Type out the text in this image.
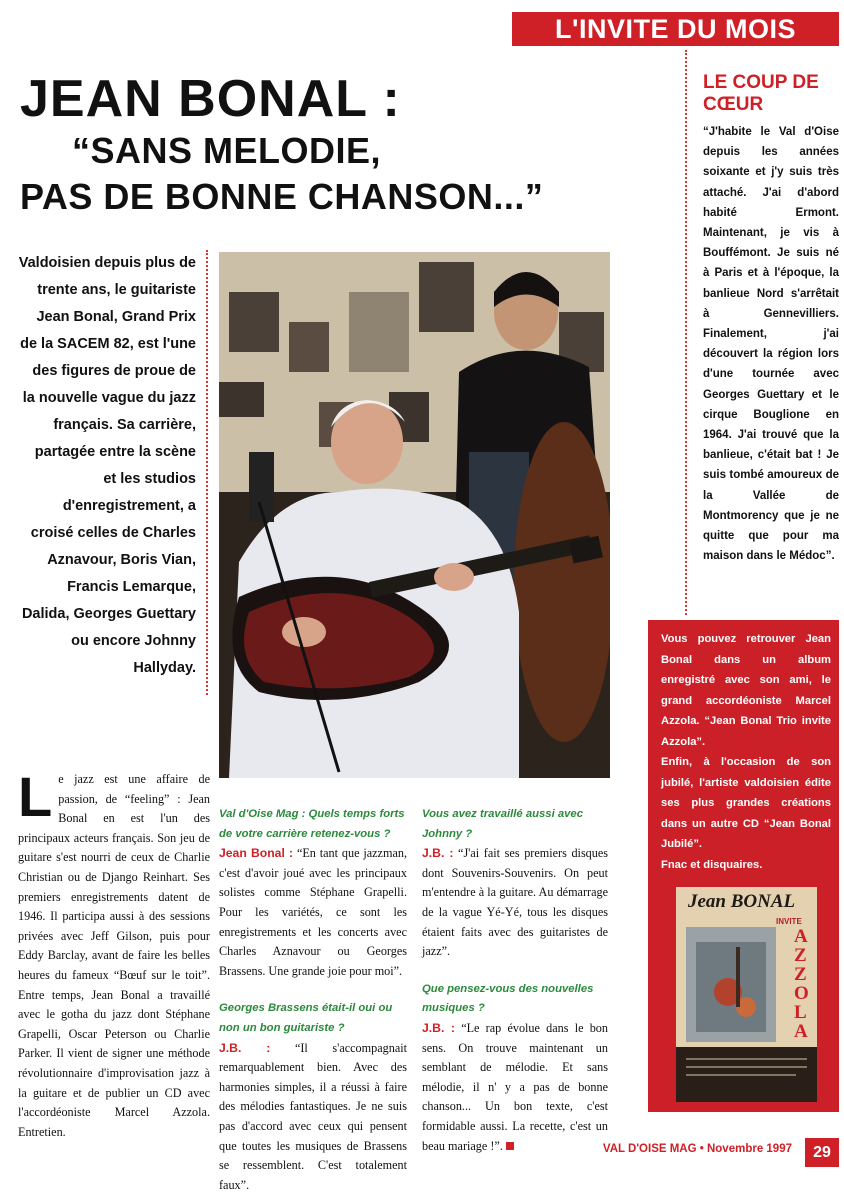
L'INVITE DU MOIS
JEAN BONAL :
“SANS MELODIE,
PAS DE BONNE CHANSON...”
Valdoisien depuis plus de trente ans, le guitariste Jean Bonal, Grand Prix de la SACEM 82, est l'une des figures de proue de la nouvelle vague du jazz français. Sa carrière, partagée entre la scène et les studios d'enregistrement, a croisé celles de Charles Aznavour, Boris Vian, Francis Lemarque, Dalida, Georges Guettary ou encore Johnny Hallyday.
LE COUP DE CŒUR
“J'habite le Val d'Oise depuis les années soixante et j'y suis très attaché. J'ai d'abord habité Ermont. Maintenant, je vis à Bouffémont. Je suis né à Paris et à l'époque, la banlieue Nord s'arrêtait à Gennevilliers. Finalement, j'ai découvert la région lors d'une tournée avec Georges Guettary et le cirque Bouglione en 1964. J'ai trouvé que la banlieue, c'était bat ! Je suis tombé amoureux de la Vallée de Montmorency que je ne quitte que pour ma maison dans le Médoc”.
Vous pouvez retrouver Jean Bonal dans un album enregistré avec son ami, le grand accordéoniste Marcel Azzola. “Jean Bonal Trio invite Azzola”.
Enfin, à l'occasion de son jubilé, l'artiste valdoisien édite ses plus grandes créations dans un autre CD “Jean Bonal Jubilé”.
Fnac et disquaires.
Jean BONAL
INVITE
AZZOLA
L e jazz est une affaire de passion, de “feeling” : Jean Bonal en est l'un des principaux acteurs français. Son jeu de guitare s'est nourri de ceux de Charlie Christian ou de Django Reinhart. Ses premiers enregistrements datent de 1946. Il participa aussi à des sessions privées avec Jeff Gilson, puis pour Eddy Barclay, avant de faire les belles heures du fameux “Bœuf sur le toit”. Entre temps, Jean Bonal a travaillé avec le gotha du jazz dont Stéphane Grapelli, Oscar Peterson ou Charlie Parker. Il vient de signer une méthode révolutionnaire d'improvisation jazz à la guitare et de publier un CD avec l'accordéoniste Marcel Azzola. Entretien.
Val d'Oise Mag : Quels temps forts de votre carrière retenez-vous ?
Jean Bonal : “En tant que jazzman, c'est d'avoir joué avec les principaux solistes comme Stéphane Grapelli. Pour les variétés, ce sont les enregistrements et les concerts avec Charles Aznavour ou Georges Brassens. Une grande joie pour moi”.
Georges Brassens était-il oui ou non un bon guitariste ?
J.B. : “Il s'accompagnait remarquablement bien. Avec des harmonies simples, il a réussi à faire des mélodies fantastiques. Je ne suis pas d'accord avec ceux qui pensent que toutes les musiques de Brassens se ressemblent. C'est totalement faux”.
Vous avez travaillé aussi avec Johnny ?
J.B. : “J'ai fait ses premiers disques dont Souvenirs-Souvenirs. On peut m'entendre à la guitare. Au démarrage de la vague Yé-Yé, tous les disques étaient faits avec des guitaristes de jazz”.
Que pensez-vous des nouvelles musiques ?
J.B. : “Le rap évolue dans le bon sens. On trouve maintenant un semblant de mélodie. Et sans mélodie, il n' y a pas de bonne chanson... Un bon texte, c'est formidable aussi. La recette, c'est un beau mariage !”.	VAL D'OISE MAG • Novembre 1997	29
